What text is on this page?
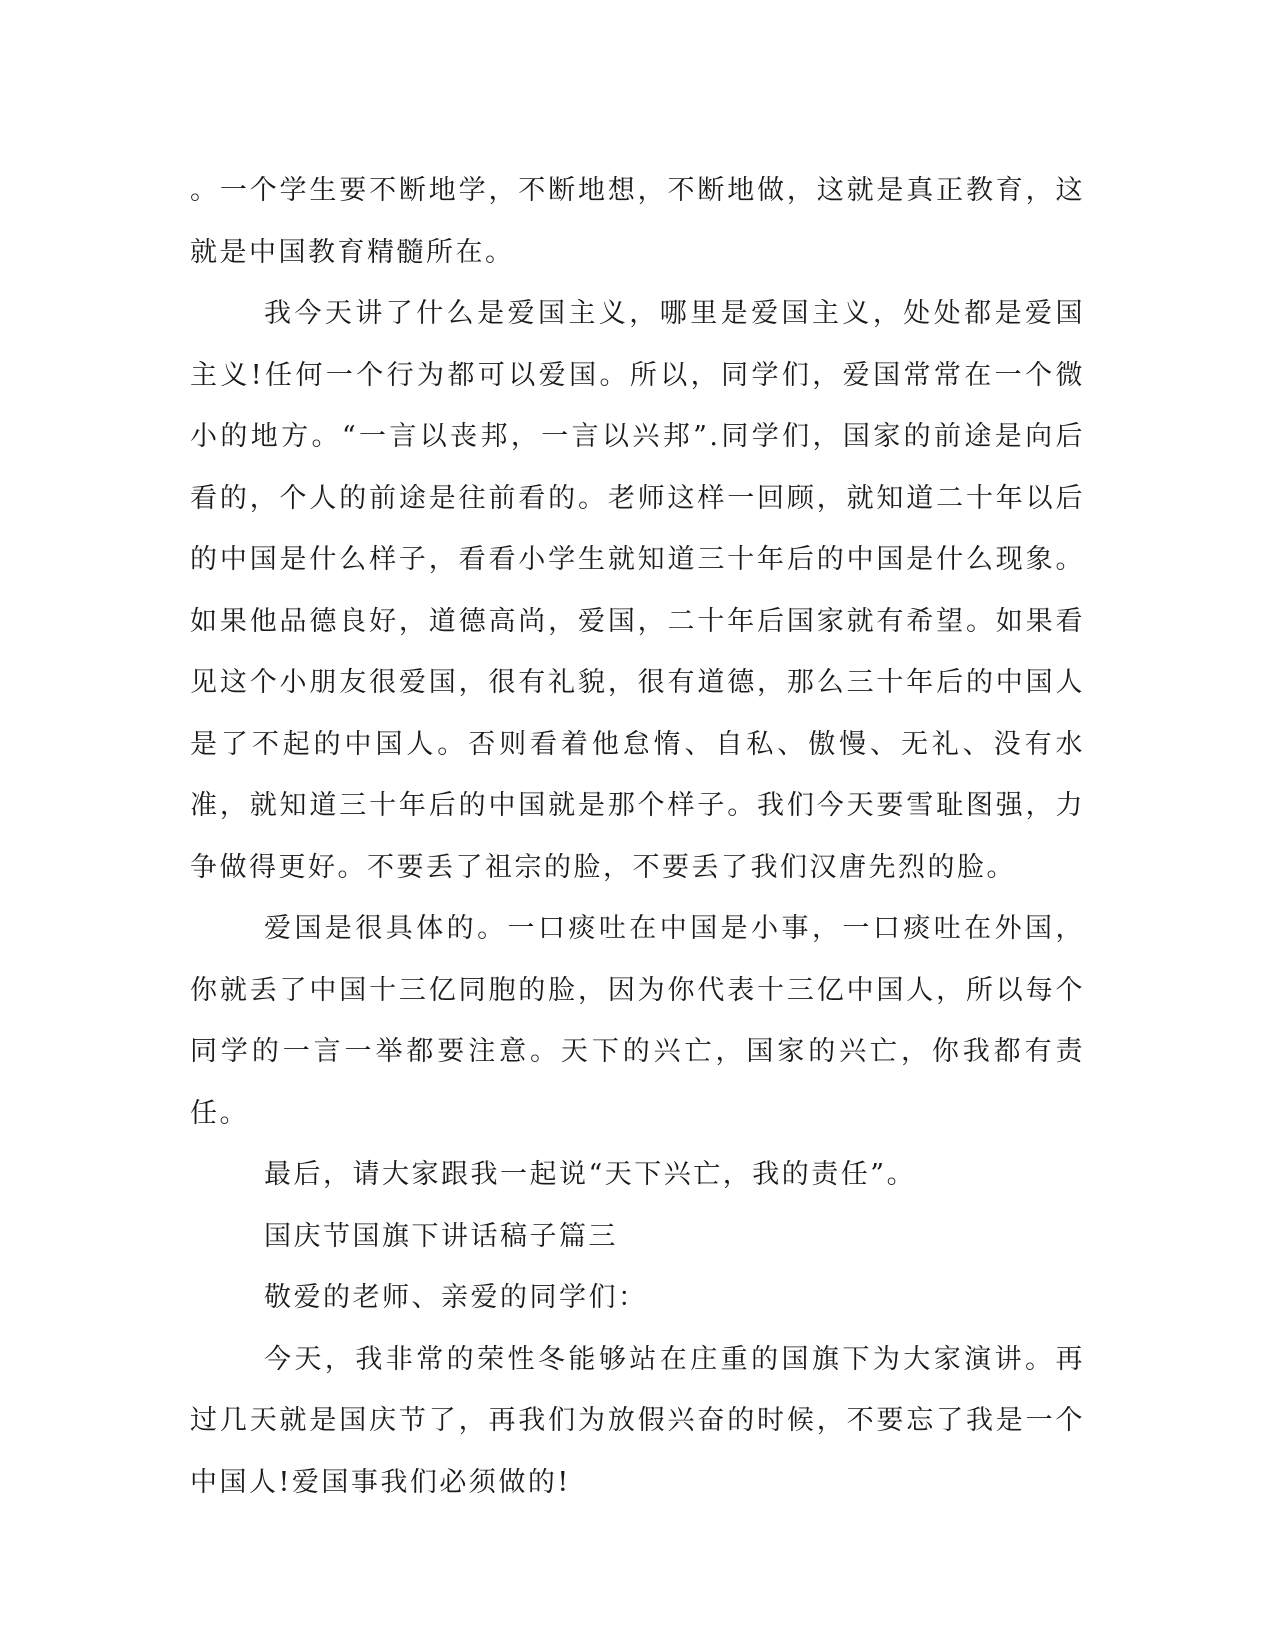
。一个学生要不断地学，不断地想，不断地做，这就是真正教育，这就是中国教育精髓所在。

我今天讲了什么是爱国主义，哪里是爱国主义，处处都是爱国主义!任何一个行为都可以爱国。所以，同学们，爱国常常在一个微小的地方。“一言以丧邦，一言以兴邦”.同学们，国家的前途是向后看的，个人的前途是往前看的。老师这样一回顾，就知道二十年以后的中国是什么样子，看看小学生就知道三十年后的中国是什么现象。如果他品德良好，道德高尚，爱国，二十年后国家就有希望。如果看见这个小朋友很爱国，很有礼貌，很有道德，那么三十年后的中国人是了不起的中国人。否则看着他怠惰、自私、傲慢、无礼、没有水准，就知道三十年后的中国就是那个样子。我们今天要雪耻图强，力争做得更好。不要丢了祖宗的脸，不要丢了我们汉唐先烈的脸。

爱国是很具体的。一口痰吐在中国是小事，一口痰吐在外国，你就丢了中国十三亿同胞的脸，因为你代表十三亿中国人，所以每个同学的一言一举都要注意。天下的兴亡，国家的兴亡，你我都有责任。

最后，请大家跟我一起说“天下兴亡，我的责任”。

国庆节国旗下讲话稿子篇三

敬爱的老师、亲爱的同学们：

今天，我非常的荣性冬能够站在庄重的国旗下为大家演讲。再过几天就是国庆节了，再我们为放假兴奋的时候，不要忘了我是一个中国人!爱国事我们必须做的!
